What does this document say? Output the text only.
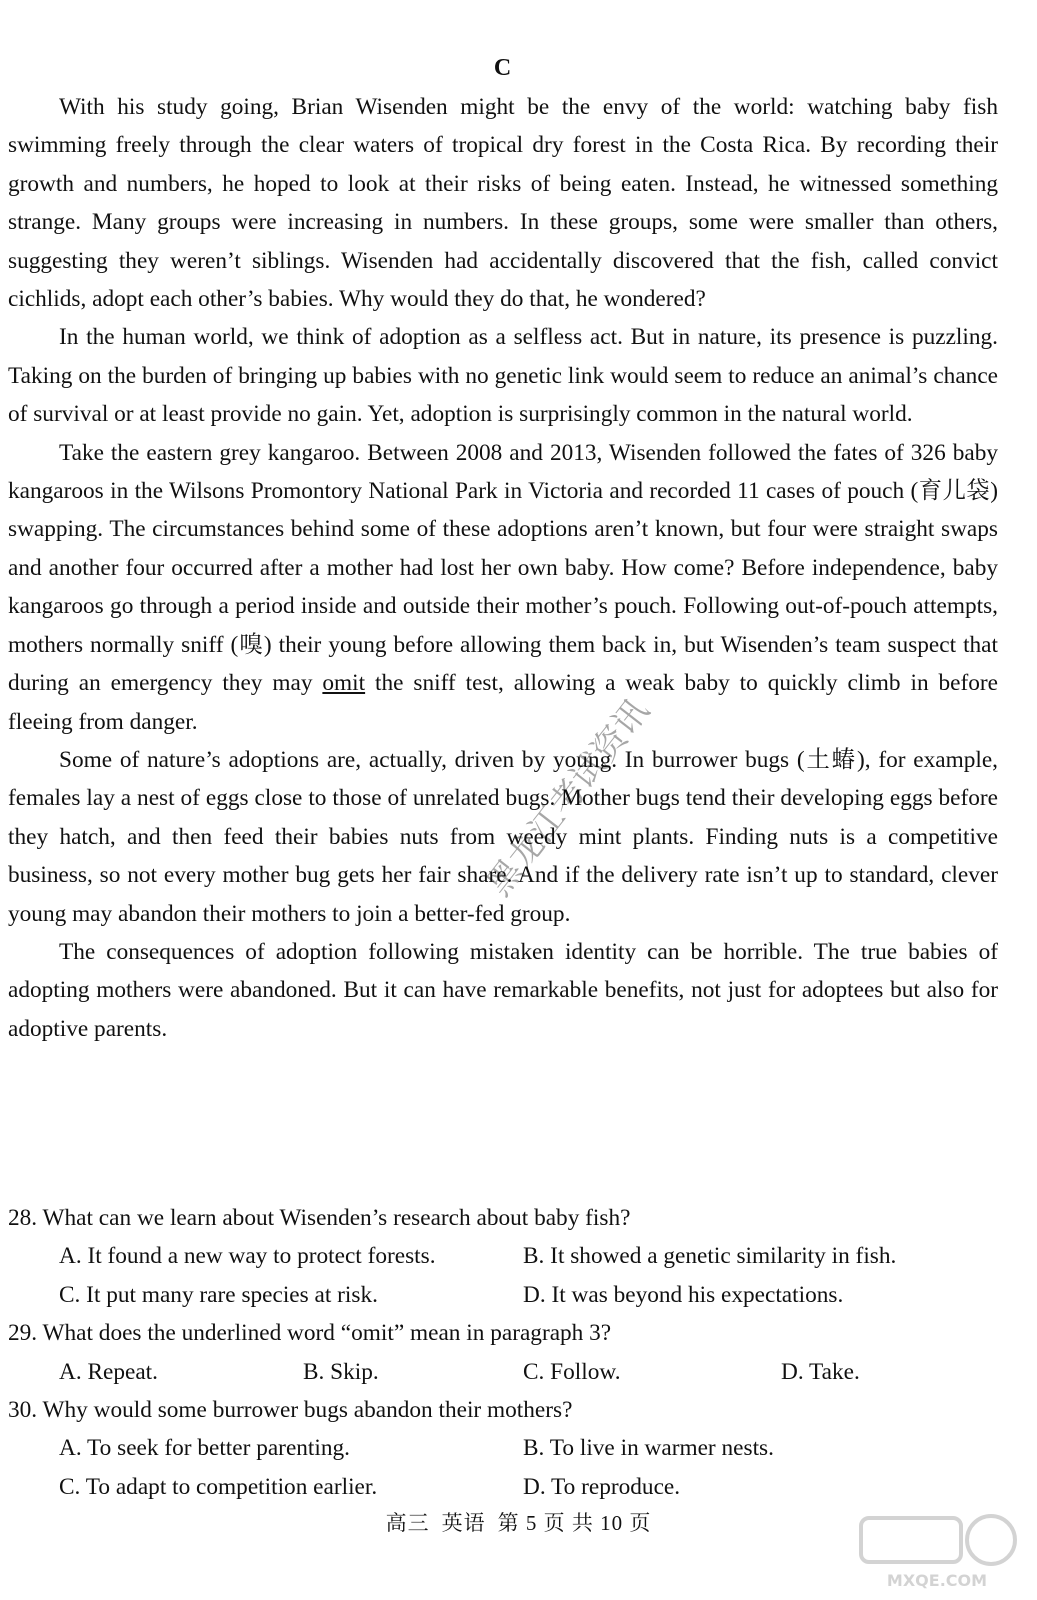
C

With his study going, Brian Wisenden might be the envy of the world: watching baby fish swimming freely through the clear waters of tropical dry forest in the Costa Rica. By recording their growth and numbers, he hoped to look at their risks of being eaten. Instead, he witnessed something strange. Many groups were increasing in numbers. In these groups, some were smaller than others, suggesting they weren’t siblings. Wisenden had accidentally discovered that the fish, called convict cichlids, adopt each other’s babies. Why would they do that, he wondered?

In the human world, we think of adoption as a selfless act. But in nature, its presence is puzzling. Taking on the burden of bringing up babies with no genetic link would seem to reduce an animal’s chance of survival or at least provide no gain. Yet, adoption is surprisingly common in the natural world.

Take the eastern grey kangaroo. Between 2008 and 2013, Wisenden followed the fates of 326 baby kangaroos in the Wilsons Promontory National Park in Victoria and recorded 11 cases of pouch (育儿袋) swapping. The circumstances behind some of these adoptions aren’t known, but four were straight swaps and another four occurred after a mother had lost her own baby. How come? Before independence, baby kangaroos go through a period inside and outside their mother’s pouch. Following out-of-pouch attempts, mothers normally sniff (嗅) their young before allowing them back in, but Wisenden’s team suspect that during an emergency they may omit the sniff test, allowing a weak baby to quickly climb in before fleeing from danger.

Some of nature’s adoptions are, actually, driven by young. In burrower bugs (土蝽), for example, females lay a nest of eggs close to those of unrelated bugs. Mother bugs tend their developing eggs before they hatch, and then feed their babies nuts from weedy mint plants. Finding nuts is a competitive business, so not every mother bug gets her fair share. And if the delivery rate isn’t up to standard, clever young may abandon their mothers to join a better-fed group.

The consequences of adoption following mistaken identity can be horrible. The true babies of adopting mothers were abandoned. But it can have remarkable benefits, not just for adoptees but also for adoptive parents.

28. What can we learn about Wisenden’s research about baby fish?

A. It found a new way to protect forests.	B. It showed a genetic similarity in fish.
C. It put many rare species at risk.	D. It was beyond his expectations.

29. What does the underlined word “omit” mean in paragraph 3?

A. Repeat.	B. Skip.	C. Follow.	D. Take.

30. Why would some burrower bugs abandon their mothers?

A. To seek for better parenting.	B. To live in warmer nests.
C. To adapt to competition earlier.	D. To reproduce.
黑龙江考试资讯
高三 英语 第 5 页 共 10 页
MXQE.COM
